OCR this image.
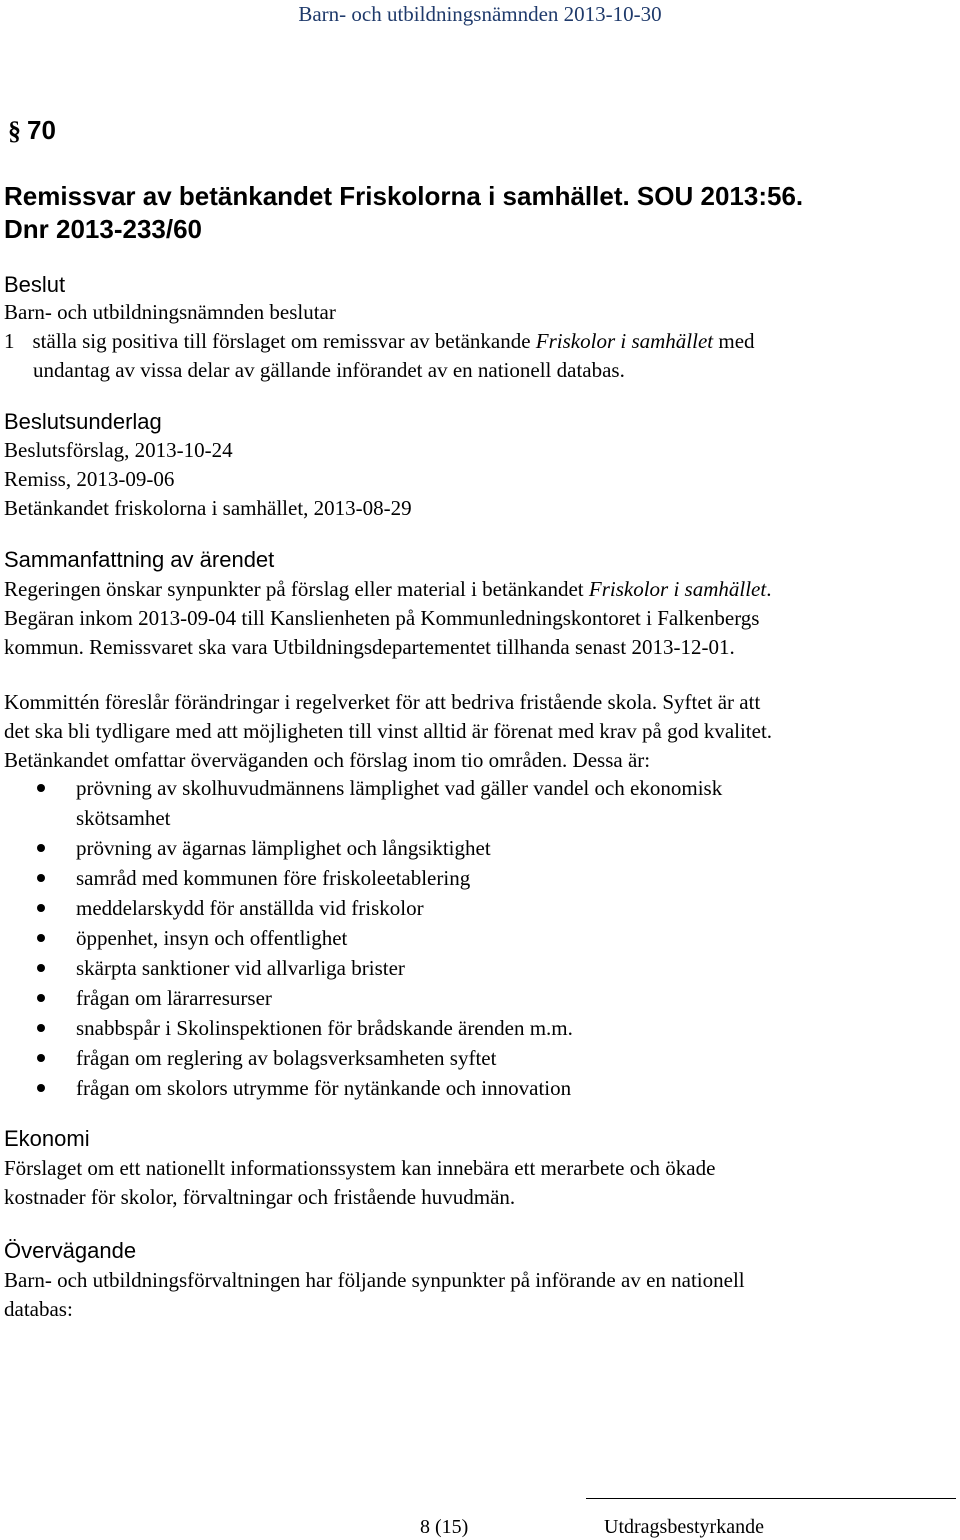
Barn- och utbildningsnämnden 2013-10-30
§ 70
Remissvar av betänkandet Friskolorna i samhället. SOU 2013:56.
Dnr 2013-233/60
Beslut
Barn- och utbildningsnämnden beslutar
1 ställa sig positiva till förslaget om remissvar av betänkande Friskolor i samhället med
undantag av vissa delar av gällande införandet av en nationell databas.
Beslutsunderlag
Beslutsförslag, 2013-10-24
Remiss, 2013-09-06
Betänkandet friskolorna i samhället, 2013-08-29
Sammanfattning av ärendet
Regeringen önskar synpunkter på förslag eller material i betänkandet Friskolor i samhället.
Begäran inkom 2013-09-04 till Kanslienheten på Kommunledningskontoret i Falkenbergs
kommun. Remissvaret ska vara Utbildningsdepartementet tillhanda senast 2013-12-01.
Kommittén föreslår förändringar i regelverket för att bedriva fristående skola. Syftet är att
det ska bli tydligare med att möjligheten till vinst alltid är förenat med krav på god kvalitet.
Betänkandet omfattar överväganden och förslag inom tio områden. Dessa är:
prövning av skolhuvudmännens lämplighet vad gäller vandel och ekonomisk skötsamhet
prövning av ägarnas lämplighet och långsiktighet
samråd med kommunen före friskoleetablering
meddelarskydd för anställda vid friskolor
öppenhet, insyn och offentlighet
skärpta sanktioner vid allvarliga brister
frågan om lärarresurser
snabbspår i Skolinspektionen för brådskande ärenden m.m.
frågan om reglering av bolagsverksamheten syftet
frågan om skolors utrymme för nytänkande och innovation
Ekonomi
Förslaget om ett nationellt informationssystem kan innebära ett merarbete och ökade
kostnader för skolor, förvaltningar och fristående huvudmän.
Övervägande
Barn- och utbildningsförvaltningen har följande synpunkter på införande av en nationell
databas:
Utdragsbestyrkande
8 (15)
